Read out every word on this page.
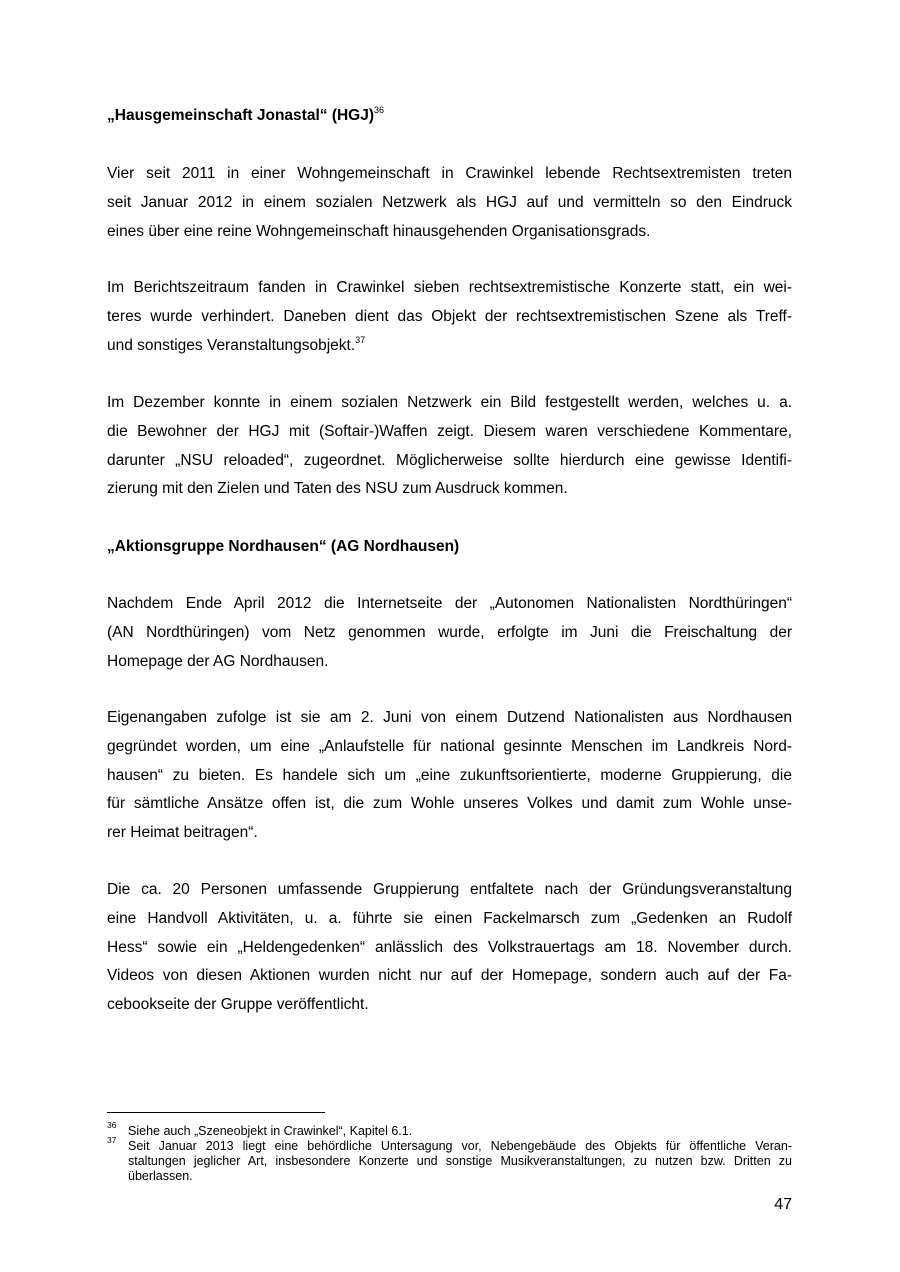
„Hausgemeinschaft Jonastal“ (HGJ)$^{36}$
Vier seit 2011 in einer Wohngemeinschaft in Crawinkel lebende Rechtsextremisten treten
seit Januar 2012 in einem sozialen Netzwerk als HGJ auf und vermitteln so den Eindruck
eines über eine reine Wohngemeinschaft hinausgehenden Organisationsgrads.
Im Berichtszeitraum fanden in Crawinkel sieben rechtsextremistische Konzerte statt, ein wei-
teres wurde verhindert. Daneben dient das Objekt der rechtsextremistischen Szene als Treff-
und sonstiges Veranstaltungsobjekt.$^{37}$
Im Dezember konnte in einem sozialen Netzwerk ein Bild festgestellt werden, welches u. a.
die Bewohner der HGJ mit (Softair-)Waffen zeigt. Diesem waren verschiedene Kommentare,
darunter „NSU reloaded“, zugeordnet. Möglicherweise sollte hierdurch eine gewisse Identifi-
zierung mit den Zielen und Taten des NSU zum Ausdruck kommen.
„Aktionsgruppe Nordhausen“ (AG Nordhausen)
Nachdem Ende April 2012 die Internetseite der „Autonomen Nationalisten Nordthüringen“
(AN Nordthüringen) vom Netz genommen wurde, erfolgte im Juni die Freischaltung der
Homepage der AG Nordhausen.
Eigenangaben zufolge ist sie am 2. Juni von einem Dutzend Nationalisten aus Nordhausen
gegründet worden, um eine „Anlaufstelle für national gesinnte Menschen im Landkreis Nord-
hausen“ zu bieten. Es handele sich um „eine zukunftsorientierte, moderne Gruppierung, die
für sämtliche Ansätze offen ist, die zum Wohle unseres Volkes und damit zum Wohle unse-
rer Heimat beitragen“.
Die ca. 20 Personen umfassende Gruppierung entfaltete nach der Gründungsveranstaltung
eine Handvoll Aktivitäten, u. a. führte sie einen Fackelmarsch zum „Gedenken an Rudolf
Hess“ sowie ein „Heldengedenken“ anlässlich des Volkstrauertags am 18. November durch.
Videos von diesen Aktionen wurden nicht nur auf der Homepage, sondern auch auf der Fa-
cebookseite der Gruppe veröffentlicht.
36 Siehe auch „Szeneobjekt in Crawinkel“, Kapitel 6.1.
37 Seit Januar 2013 liegt eine behördliche Untersagung vor, Nebengebäude des Objekts für öffentliche Veran-
staltungen jeglicher Art, insbesondere Konzerte und sonstige Musikveranstaltungen, zu nutzen bzw. Dritten zu
überlassen.
47
